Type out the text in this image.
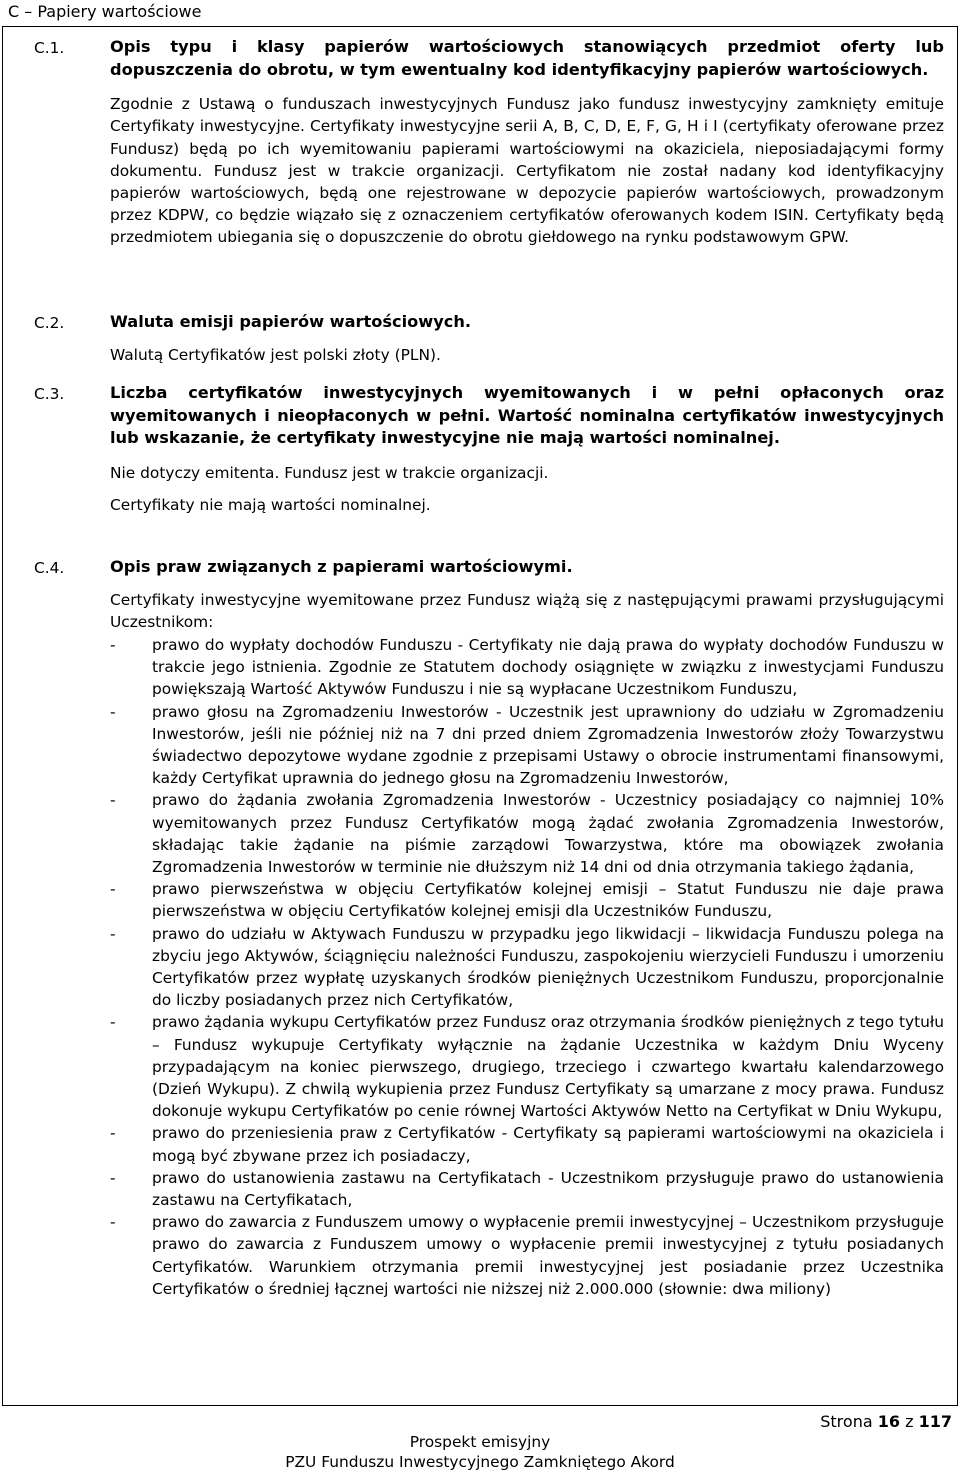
C – Papiery wartościowe
C.1.	Opis typu i klasy papierów wartościowych stanowiących przedmiot oferty lub dopuszczenia do obrotu, w tym ewentualny kod identyfikacyjny papierów wartościowych.

Zgodnie z Ustawą o funduszach inwestycyjnych Fundusz jako fundusz inwestycyjny zamknięty emituje Certyfikaty inwestycyjne. Certyfikaty inwestycyjne serii A, B, C, D, E, F, G, H i I (certyfikaty oferowane przez Fundusz) będą po ich wyemitowaniu papierami wartościowymi na okaziciela, nieposiadającymi formy dokumentu. Fundusz jest w trakcie organizacji. Certyfikatom nie został nadany kod identyfikacyjny papierów wartościowych, będą one rejestrowane w depozycie papierów wartościowych, prowadzonym przez KDPW, co będzie wiązało się z oznaczeniem certyfikatów oferowanych kodem ISIN. Certyfikaty będą przedmiotem ubiegania się o dopuszczenie do obrotu giełdowego na rynku podstawowym GPW.

C.2.	Waluta emisji papierów wartościowych.

Walutą Certyfikatów jest polski złoty (PLN).

C.3.	Liczba certyfikatów inwestycyjnych wyemitowanych i w pełni opłaconych oraz wyemitowanych i nieopłaconych w pełni. Wartość nominalna certyfikatów inwestycyjnych lub wskazanie, że certyfikaty inwestycyjne nie mają wartości nominalnej.

Nie dotyczy emitenta. Fundusz jest w trakcie organizacji.

Certyfikaty nie mają wartości nominalnej.

C.4.	Opis praw związanych z papierami wartościowymi.

Certyfikaty inwestycyjne wyemitowane przez Fundusz wiążą się z następującymi prawami przysługującymi Uczestnikom:

- prawo do wypłaty dochodów Funduszu - Certyfikaty nie dają prawa do wypłaty dochodów Funduszu w trakcie jego istnienia. Zgodnie ze Statutem dochody osiągnięte w związku z inwestycjami Funduszu powiększają Wartość Aktywów Funduszu i nie są wypłacane Uczestnikom Funduszu,
- prawo głosu na Zgromadzeniu Inwestorów - Uczestnik jest uprawniony do udziału w Zgromadzeniu Inwestorów, jeśli nie później niż na 7 dni przed dniem Zgromadzenia Inwestorów złoży Towarzystwu świadectwo depozytowe wydane zgodnie z przepisami Ustawy o obrocie instrumentami finansowymi, każdy Certyfikat uprawnia do jednego głosu na Zgromadzeniu Inwestorów,
- prawo do żądania zwołania Zgromadzenia Inwestorów - Uczestnicy posiadający co najmniej 10% wyemitowanych przez Fundusz Certyfikatów mogą żądać zwołania Zgromadzenia Inwestorów, składając takie żądanie na piśmie zarządowi Towarzystwa, które ma obowiązek zwołania Zgromadzenia Inwestorów w terminie nie dłuższym niż 14 dni od dnia otrzymania takiego żądania,
- prawo pierwszeństwa w objęciu Certyfikatów kolejnej emisji – Statut Funduszu nie daje prawa pierwszeństwa w objęciu Certyfikatów kolejnej emisji dla Uczestników Funduszu,
- prawo do udziału w Aktywach Funduszu w przypadku jego likwidacji – likwidacja Funduszu polega na zbyciu jego Aktywów, ściągnięciu należności Funduszu, zaspokojeniu wierzycieli Funduszu i umorzeniu Certyfikatów przez wypłatę uzyskanych środków pieniężnych Uczestnikom Funduszu, proporcjonalnie do liczby posiadanych przez nich Certyfikatów,
- prawo żądania wykupu Certyfikatów przez Fundusz oraz otrzymania środków pieniężnych z tego tytułu – Fundusz wykupuje Certyfikaty wyłącznie na żądanie Uczestnika w każdym Dniu Wyceny przypadającym na koniec pierwszego, drugiego, trzeciego i czwartego kwartału kalendarzowego (Dzień Wykupu). Z chwilą wykupienia przez Fundusz Certyfikaty są umarzane z mocy prawa. Fundusz dokonuje wykupu Certyfikatów po cenie równej Wartości Aktywów Netto na Certyfikat w Dniu Wykupu,
- prawo do przeniesienia praw z Certyfikatów - Certyfikaty są papierami wartościowymi na okaziciela i mogą być zbywane przez ich posiadaczy,
- prawo do ustanowienia zastawu na Certyfikatach - Uczestnikom przysługuje prawo do ustanowienia zastawu na Certyfikatach,
- prawo do zawarcia z Funduszem umowy o wypłacenie premii inwestycyjnej – Uczestnikom przysługuje prawo do zawarcia z Funduszem umowy o wypłacenie premii inwestycyjnej z tytułu posiadanych Certyfikatów. Warunkiem otrzymania premii inwestycyjnej jest posiadanie przez Uczestnika Certyfikatów o średniej łącznej wartości nie niższej niż 2.000.000 (słownie: dwa miliony)
Strona 16 z 117
Prospekt emisyjny
PZU Funduszu Inwestycyjnego Zamkniętego Akord
